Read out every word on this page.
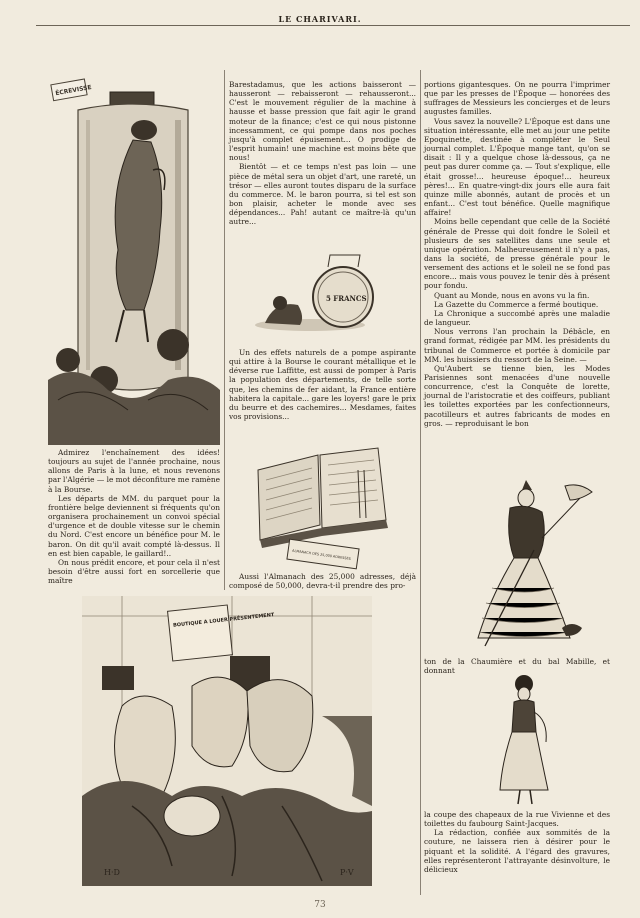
LE CHARIVARI.
ÉCREVISSE

Admirez l'enchaînement des idées! toujours au sujet de l'année prochaine, nous allons de Paris à la lune, et nous revenons par l'Algérie — le mot déconfiture me ramène à la Bourse.

Les départs de MM. du parquet pour la frontière belge deviennent si fréquents qu'on organisera prochainement un convoi spécial d'urgence et de double vitesse sur le chemin du Nord. C'est encore un bénéfice pour M. le baron. On dit qu'il avait compté là-dessus. Il en est bien capable, le gaillard!..

On nous prédit encore, et pour cela il n'est besoin d'être aussi fort en sorcellerie que maître

Barestadamus, que les actions baisseront — hausseront — rebaisseront — rehausseront... C'est le mouvement régulier de la machine à hausse et basse pression que fait agir le grand moteur de la finance; c'est ce qui nous pistonne incessamment, ce qui pompe dans nos poches jusqu'à complet épuisement... O prodige de l'esprit humain! une machine est moins bête que nous!

Bientôt — et ce temps n'est pas loin — une pièce de métal sera un objet d'art, une rareté, un trésor — elles auront toutes disparu de la surface du commerce. M. le baron pourra, si tel est son bon plaisir, acheter le monde avec ses dépendances... Pah! autant ce maître-là qu'un autre...

5 FRANCS

Un des effets naturels de a pompe aspirante qui attire à la Bourse le courant métallique et le déverse rue Laffitte, est aussi de pomper à Paris la population des départements, de telle sorte que, les chemins de fer aidant, la France entière habitera la capitale... gare les loyers! gare le prix du beurre et des cachemires... Mesdames, faites vos provisions...

ALMANACH DES 25,000 ADRESSES

Aussi l'Almanach des 25,000 adresses, déjà composé de 50,000, devra-t-il prendre des pro-

BOUTIQUE A LOUER PRÉSENTEMENT
H·D	P·V

portions gigantesques. On ne pourra l'imprimer que par les presses de l'Époque — honorées des suffrages de Messieurs les concierges et de leurs augustes familles.

Vous savez la nouvelle? L'Époque est dans une situation intéressante, elle met au jour une petite Epoquinette, destinée à compléter le Seul journal complet. L'Époque mange tant, qu'on se disait : Il y a quelque chose là-dessous, ça ne peut pas durer comme ça. — Tout s'explique, elle était grosse!... heureuse époque!... heureux pères!... En quatre-vingt-dix jours elle aura fait quinze mille abonnés, autant de procès et un enfant... C'est tout bénéfice. Quelle magnifique affaire!

Moins belle cependant que celle de la Société générale de Presse qui doit fondre le Soleil et plusieurs de ses satellites dans une seule et unique opération. Malheureusement il n'y a pas, dans la société, de presse générale pour le versement des actions et le soleil ne se fond pas encore... mais vous pouvez le tenir dès à présent pour fondu.

Quant au Monde, nous en avons vu la fin.

La Gazette du Commerce a fermé boutique.

La Chronique a succombé après une maladie de langueur.

Nous verrons l'an prochain la Débâcle, en grand format, rédigée par MM. les présidents du tribunal de Commerce et portée à domicile par MM. les huissiers du ressort de la Seine. —

Qu'Aubert se tienne bien, les Modes Parisiennes sont menacées d'une nouvelle concurrence, c'est la Conquête de lorette, journal de l'aristocratie et des coiffeurs, publiant les toilettes exportées par les confectionneurs, pacotilleurs et autres fabricants de modes en gros. — reproduisant le bon

ton de la Chaumière et du bal Mabille, et donnant

la coupe des chapeaux de la rue Vivienne et des toilettes du faubourg Saint-Jacques.

La rédaction, confiée aux sommités de la couture, ne laissera rien à désirer pour le piquant et la solidité. A l'égard des gravures, elles représenteront l'attrayante désinvolture, le délicieux

73
